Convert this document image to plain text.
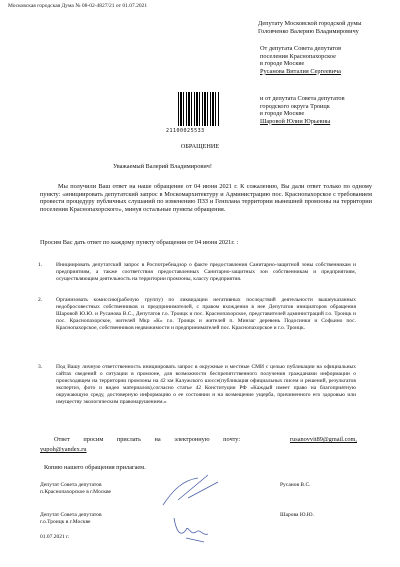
Московская городская Дума № 08-02-4827/21 от 01.07.2021
Депутату Московской городской думы
Головченко Валерию Владимировичу
От депутата Совета депутатов
поселения Краснопахорское
в городе Москве
Русанова Виталия Сергеевича
и от депутата Совета депутатов
городского округа Троицк
в городе Москве
Шаровой Юлии Юрьевны
21100025533
ОБРАЩЕНИЕ
Уважаемый Валерий Владимирович!
Мы получили Ваш ответ на наше обращение от 04 июня 2021 г. К сожалению, Вы дали ответ только по одному пункту: «инициировать депутатский запрос в Москомархитектуру и Администрацию пос. Краснопахорское с требованием провести процедуру публичных слушаний по изменению ПЗЗ и Генплана территории нынешней промзоны на территории поселения Краснопахорского», минуя остальные пункты обращения.
Просим Вас дать ответ по каждому пункту обращения от 04 июня 2021г. :
1.	Инициировать депутатский запрос в Роспотребнадзор о факте предоставления Санитарно-защитной зоны собственникам и предприятиям, а также соответствия предоставленных Санитарно-защитных зон собственникам и предприятиям, осуществляющим деятельность на территории промзоны, классу предприятия.
2.	Организовать комиссию(рабочую группу) по ликвидации негативных последствий деятельности вышеуказанных недобросовестных собственников и предпринимателей, с правом вхождения в нее Депутатов инициаторов обращения Шаровой Ю.Ю. и Русанова В.С., Депутатов г.о. Троицк и пос. Краснопахорское, представителей администраций г.о. Троицк и пос. Краснопахорское, жителей Мкр «К» г.о. Троицк и жителей п. Минзаг деревень Подосинки и Софьино пос. Краснопахорское, собственников недвижимости и предпринимателей пос. Краснопахорское и г.о. Троицк.
3.	Под Вашу личную ответственность инициировать запрос в окружные и местные СМИ с целью публикации на официальных сайтах сведений о ситуации в промзоне, для возможности беспрепятственного получения гражданами информации о происходящем на территории промзоны на 42 км Калужского шоссе(публикация официальных писем и решений, результатов экспертиз, фото и видео материалов),согласно статье 42 Конституции РФ «Каждый имеет право на благоприятную окружающую среду, достоверную информацию о ее состоянии и на возмещение ущерба, причиненного его здоровью или имуществу экологическим правонарушением.»
Ответ просим прислать на электронную почту:	rusanovvit89@gmail.com,
yupoh@yandex.ru
Копию нашего обращения прилагаем.
Депутат Совета депутатов
п.Краснопахорское в г.Москве
Русанов В.С.
Депутат Совета депутатов
г.о.Троицк в г.Москве
Шарова Ю.Ю.
01.07.2021 г.
